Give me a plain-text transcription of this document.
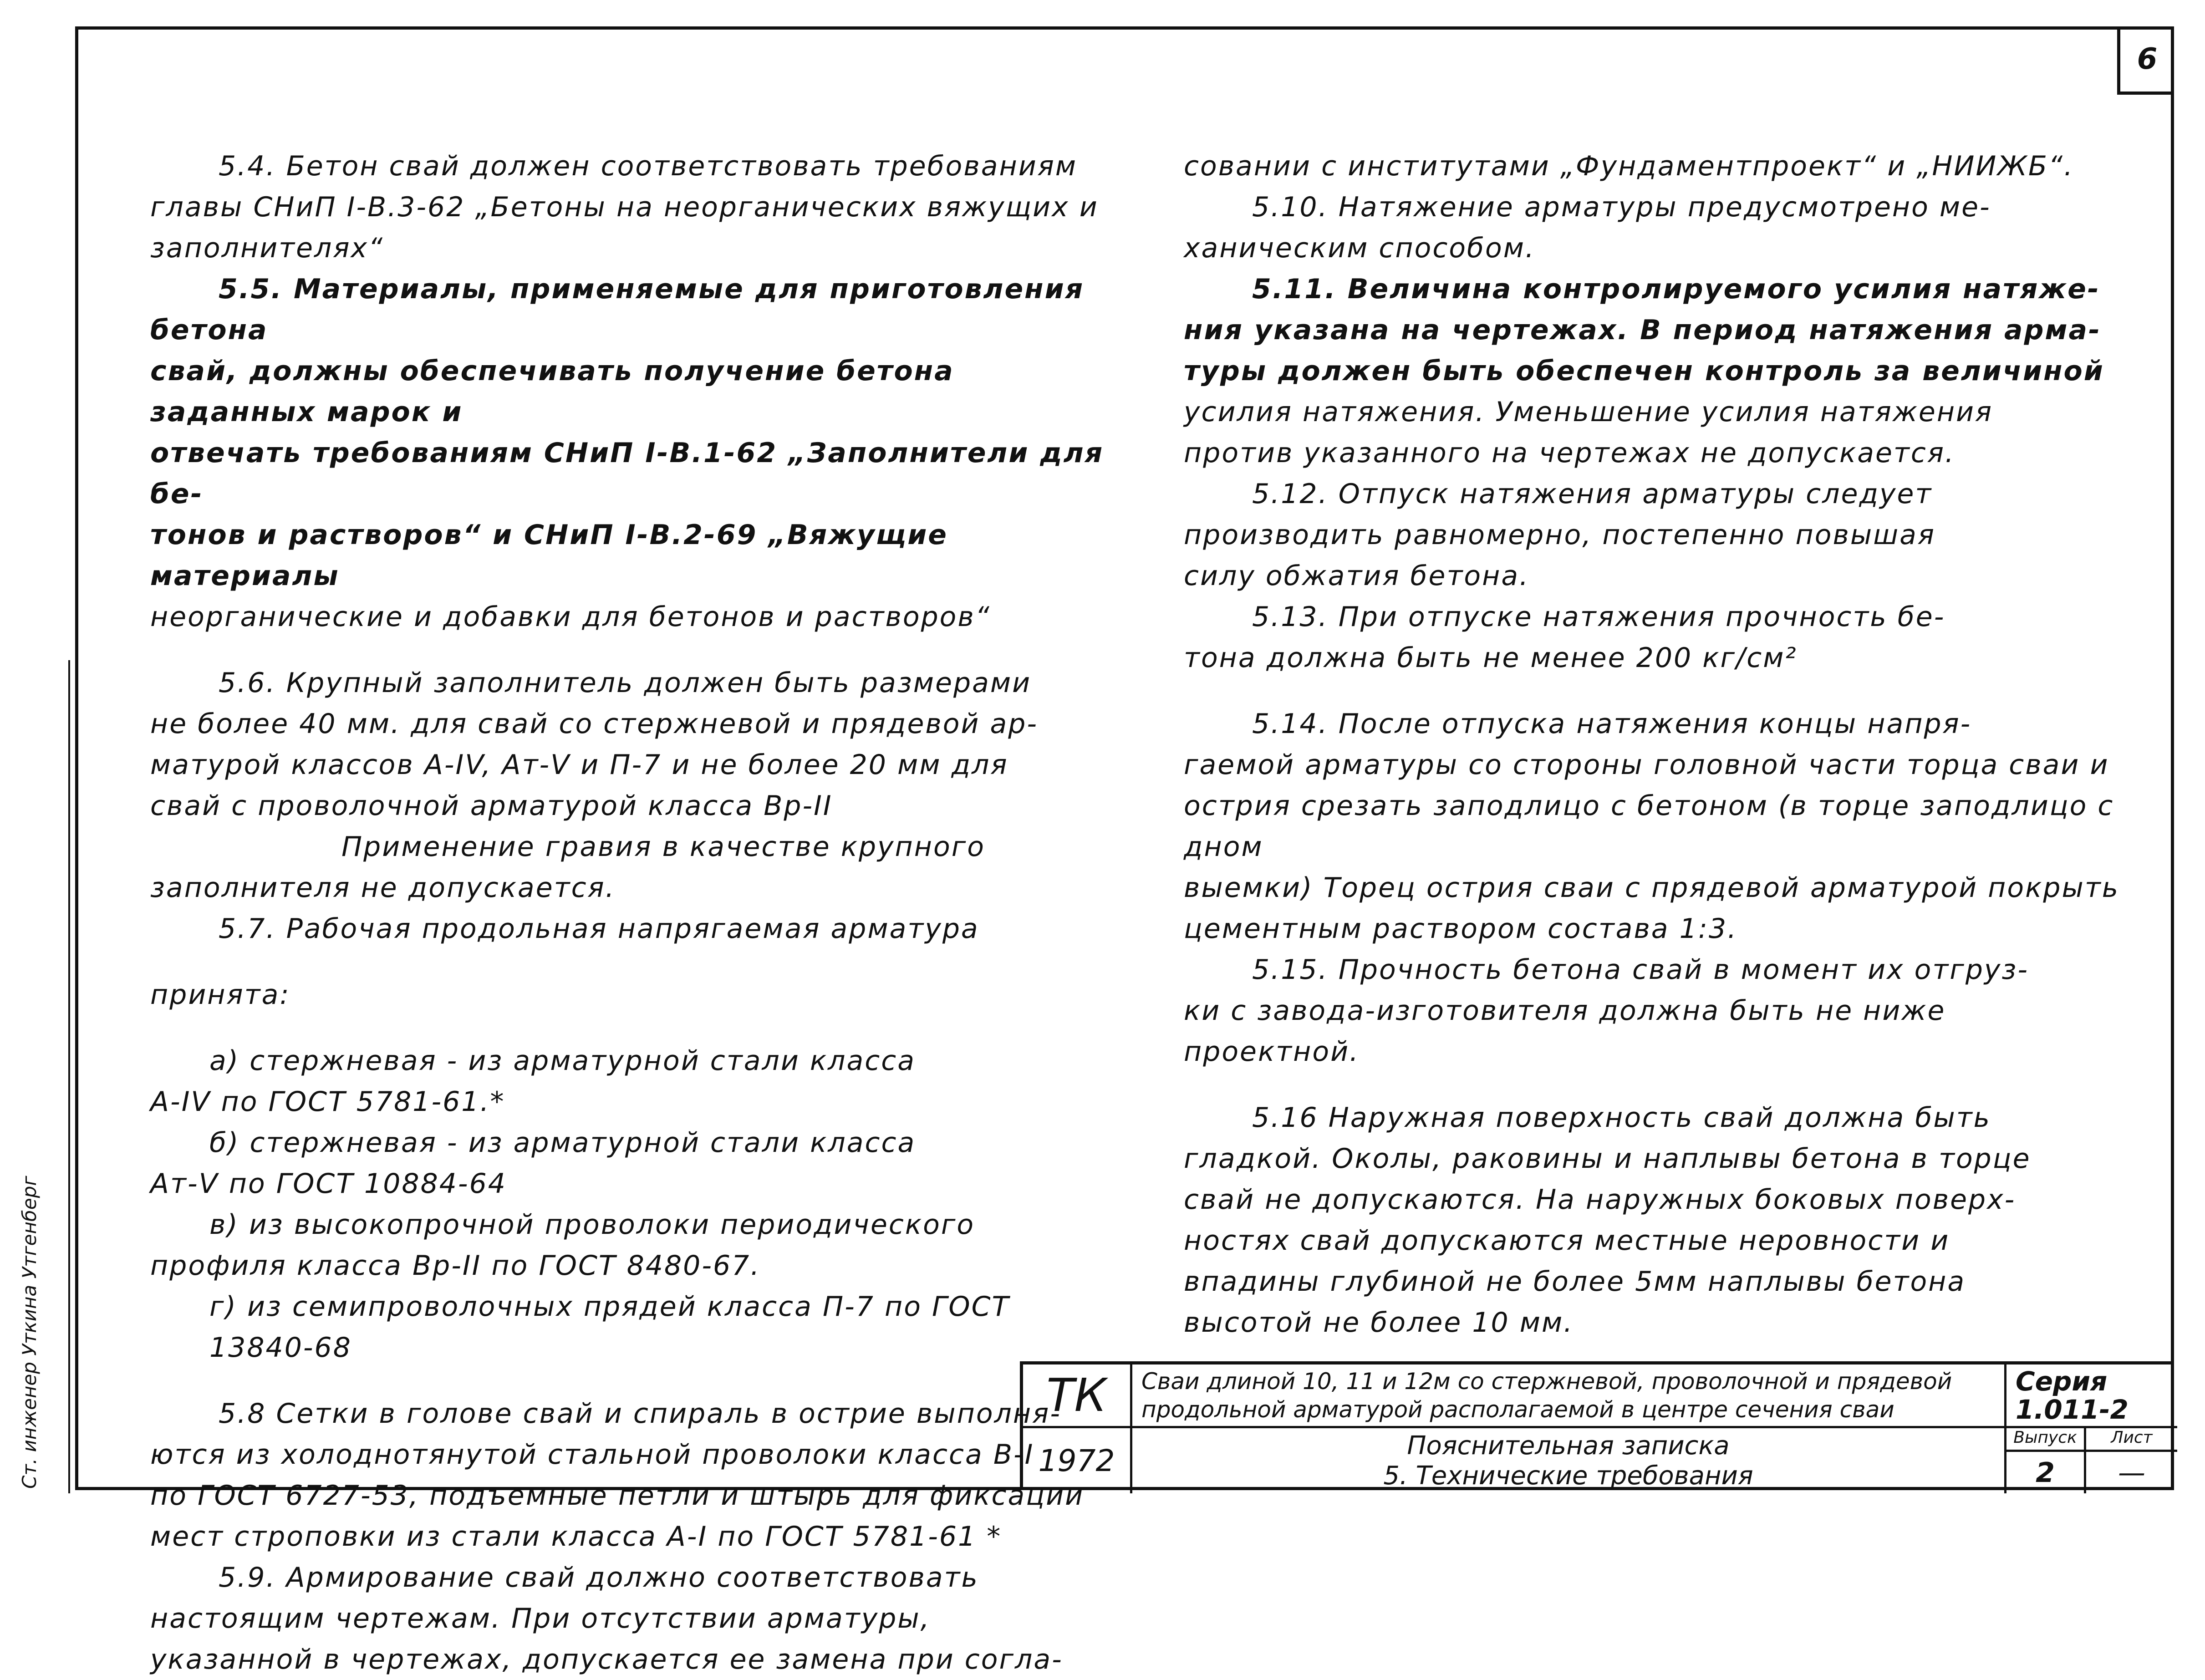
6

5.4. Бетон свай должен соответствовать требованиям

главы СНиП I-В.3-62 „Бетоны на неорганических вяжущих и заполнителях“

5.5. Материалы, применяемые для приготовления бетона

свай, должны обеспечивать получение бетона заданных марок и

отвечать требованиям СНиП I-В.1-62 „Заполнители для бе-

тонов и растворов“ и СНиП I-В.2-69 „Вяжущие материалы

неорганические и добавки для бетонов и растворов“

5.6. Крупный заполнитель должен быть размерами

не более 40 мм. для свай со стержневой и прядевой ар-

матурой классов А-IV, Ат-V и П-7 и не более 20 мм для

свай с проволочной арматурой класса Вр-II

Применение гравия в качестве крупного

заполнителя не допускается.

5.7. Рабочая продольная напрягаемая арматура

принята:

а) стержневая - из арматурной стали класса

А-IV по ГОСТ 5781-61.*

б) стержневая - из арматурной стали класса

Ат-V по ГОСТ 10884-64

в) из высокопрочной проволоки периодического

профиля класса Вр-II по ГОСТ 8480-67.

г) из семипроволочных прядей класса П-7 по ГОСТ 13840-68

5.8 Сетки в голове свай и спираль в острие выполня-

ются из холоднотянутой стальной проволоки класса В-I

по ГОСТ 6727-53, подъемные петли и штырь для фиксации

мест строповки из стали класса А-I по ГОСТ 5781-61 *

5.9. Армирование свай должно соответствовать

настоящим чертежам. При отсутствии арматуры,

указанной в чертежах, допускается ее замена при согла-

совании с институтами „Фундаментпроект“ и „НИИЖБ“.

5.10. Натяжение арматуры предусмотрено ме-

ханическим способом.

5.11. Величина контролируемого усилия натяже-

ния указана на чертежах. В период натяжения арма-

туры должен быть обеспечен контроль за величиной

усилия натяжения. Уменьшение усилия натяжения

против указанного на чертежах не допускается.

5.12. Отпуск натяжения арматуры следует

производить равномерно, постепенно повышая

силу обжатия бетона.

5.13. При отпуске натяжения прочность бе-

тона должна быть не менее 200 кг/см²

5.14. После отпуска натяжения концы напря-

гаемой арматуры со стороны головной части торца сваи и

острия срезать заподлицо с бетоном (в торце заподлицо с дном

выемки) Торец острия сваи с прядевой арматурой покрыть

цементным раствором состава 1:3.

5.15. Прочность бетона свай в момент их отгруз-

ки с завода-изготовителя должна быть не ниже

проектной.

5.16 Наружная поверхность свай должна быть

гладкой. Околы, раковины и наплывы бетона в торце

свай не допускаются. На наружных боковых поверх-

ностях свай допускаются местные неровности и

впадины глубиной не более 5мм наплывы бетона

высотой не более 10 мм.

Ст. инженер Уткина Утгенберг	ТК
1972
Сваи длиной 10, 11 и 12м со стержневой, проволочной и прядевой продольной арматурой располагаемой в центре сечения сваи
Пояснительная записка
5. Технические требования
Серия
1.011-2
Выпуск	Лист
2	—
